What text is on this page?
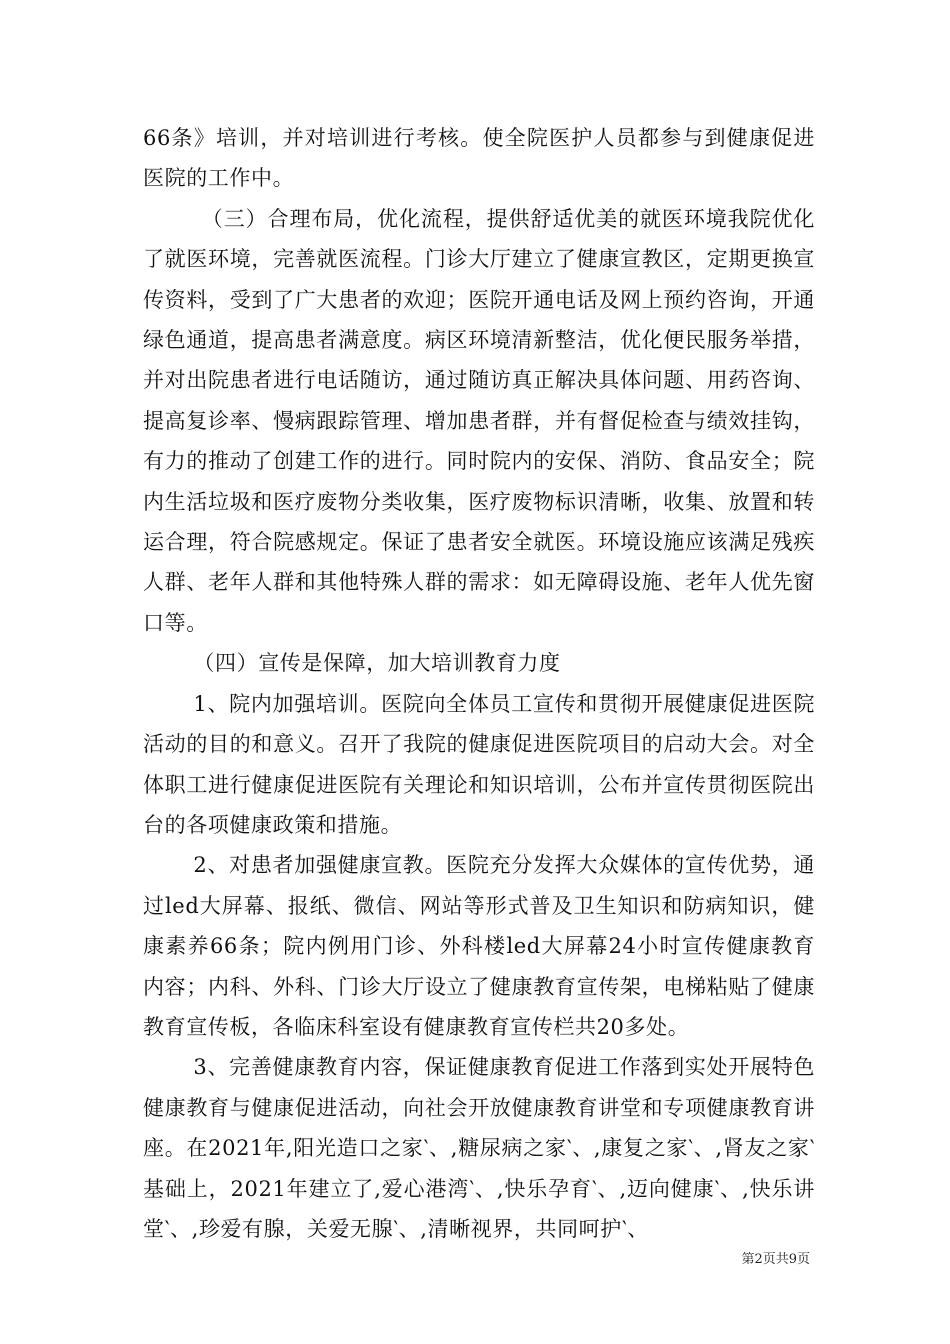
66条》培训，并对培训进行考核。使全院医护人员都参与到健康促进医院的工作中。

（三）合理布局，优化流程，提供舒适优美的就医环境我院优化了就医环境，完善就医流程。门诊大厅建立了健康宣教区，定期更换宣传资料，受到了广大患者的欢迎；医院开通电话及网上预约咨询，开通绿色通道，提高患者满意度。病区环境清新整洁，优化便民服务举措，并对出院患者进行电话随访，通过随访真正解决具体问题、用药咨询、提高复诊率、慢病跟踪管理、增加患者群，并有督促检查与绩效挂钩，有力的推动了创建工作的进行。同时院内的安保、消防、食品安全；院内生活垃圾和医疗废物分类收集，医疗废物标识清晰，收集、放置和转运合理，符合院感规定。保证了患者安全就医。环境设施应该满足残疾人群、老年人群和其他特殊人群的需求：如无障碍设施、老年人优先窗口等。

（四）宣传是保障，加大培训教育力度

1、院内加强培训。医院向全体员工宣传和贯彻开展健康促进医院活动的目的和意义。召开了我院的健康促进医院项目的启动大会。对全体职工进行健康促进医院有关理论和知识培训，公布并宣传贯彻医院出台的各项健康政策和措施。

2、对患者加强健康宣教。医院充分发挥大众媒体的宣传优势，通过led大屏幕、报纸、微信、网站等形式普及卫生知识和防病知识，健康素养66条；院内例用门诊、外科楼led大屏幕24小时宣传健康教育内容；内科、外科、门诊大厅设立了健康教育宣传架，电梯粘贴了健康教育宣传板，各临床科室设有健康教育宣传栏共20多处。

3、完善健康教育内容，保证健康教育促进工作落到实处开展特色健康教育与健康促进活动，向社会开放健康教育讲堂和专项健康教育讲座。在2021年,阳光造口之家‵、,糖尿病之家‵、,康复之家‵、,肾友之家‵基础上，2021年建立了,爱心港湾‵、,快乐孕育‵、,迈向健康‵、,快乐讲堂‵、,珍爱有腺，关爱无腺‵、,清晰视界，共同呵护‵、

第2页共9页
